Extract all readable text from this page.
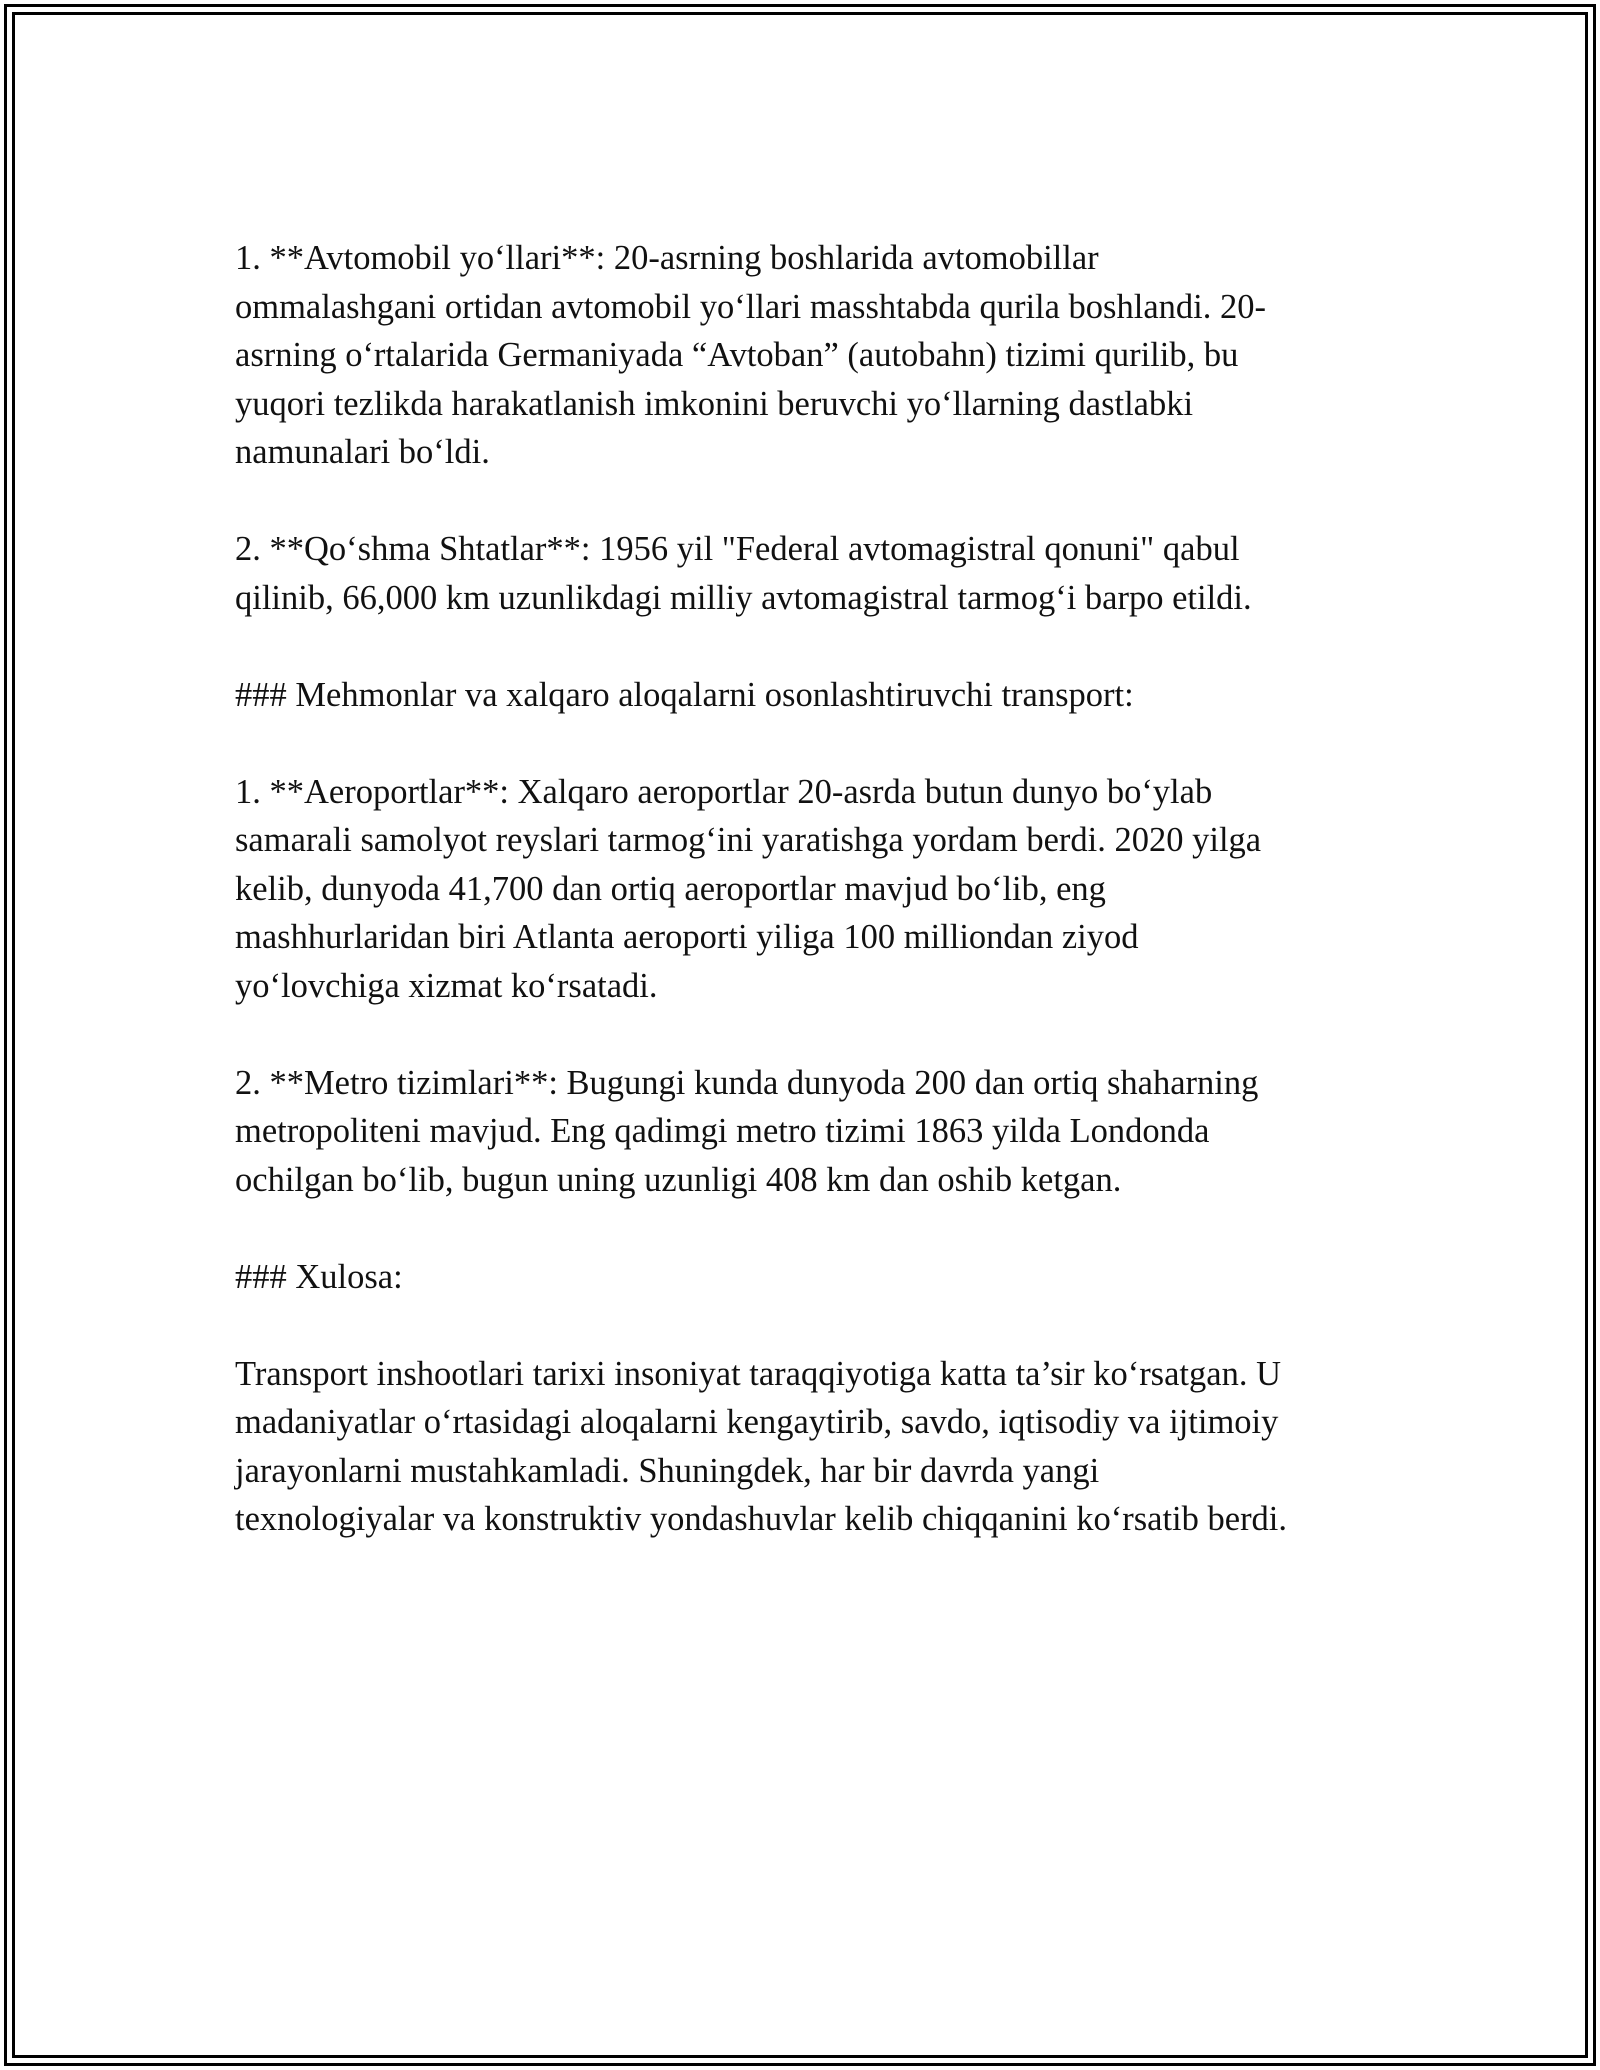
1. **Avtomobil yo‘llari**: 20-asrning boshlarida avtomobillar
ommalashgani ortidan avtomobil yo‘llari masshtabda qurila boshlandi. 20-
asrning o‘rtalarida Germaniyada “Avtoban” (autobahn) tizimi qurilib, bu
yuqori tezlikda harakatlanish imkonini beruvchi yo‘llarning dastlabki
namunalari bo‘ldi.

2. **Qo‘shma Shtatlar**: 1956 yil "Federal avtomagistral qonuni" qabul
qilinib, 66,000 km uzunlikdagi milliy avtomagistral tarmog‘i barpo etildi.

### Mehmonlar va xalqaro aloqalarni osonlashtiruvchi transport:

1. **Aeroportlar**: Xalqaro aeroportlar 20-asrda butun dunyo bo‘ylab
samarali samolyot reyslari tarmog‘ini yaratishga yordam berdi. 2020 yilga
kelib, dunyoda 41,700 dan ortiq aeroportlar mavjud bo‘lib, eng
mashhurlaridan biri Atlanta aeroporti yiliga 100 milliondan ziyod
yo‘lovchiga xizmat ko‘rsatadi.

2. **Metro tizimlari**: Bugungi kunda dunyoda 200 dan ortiq shaharning
metropoliteni mavjud. Eng qadimgi metro tizimi 1863 yilda Londonda
ochilgan bo‘lib, bugun uning uzunligi 408 km dan oshib ketgan.

### Xulosa:

Transport inshootlari tarixi insoniyat taraqqiyotiga katta ta’sir ko‘rsatgan. U
madaniyatlar o‘rtasidagi aloqalarni kengaytirib, savdo, iqtisodiy va ijtimoiy
jarayonlarni mustahkamladi. Shuningdek, har bir davrda yangi
texnologiyalar va konstruktiv yondashuvlar kelib chiqqanini ko‘rsatib berdi.
